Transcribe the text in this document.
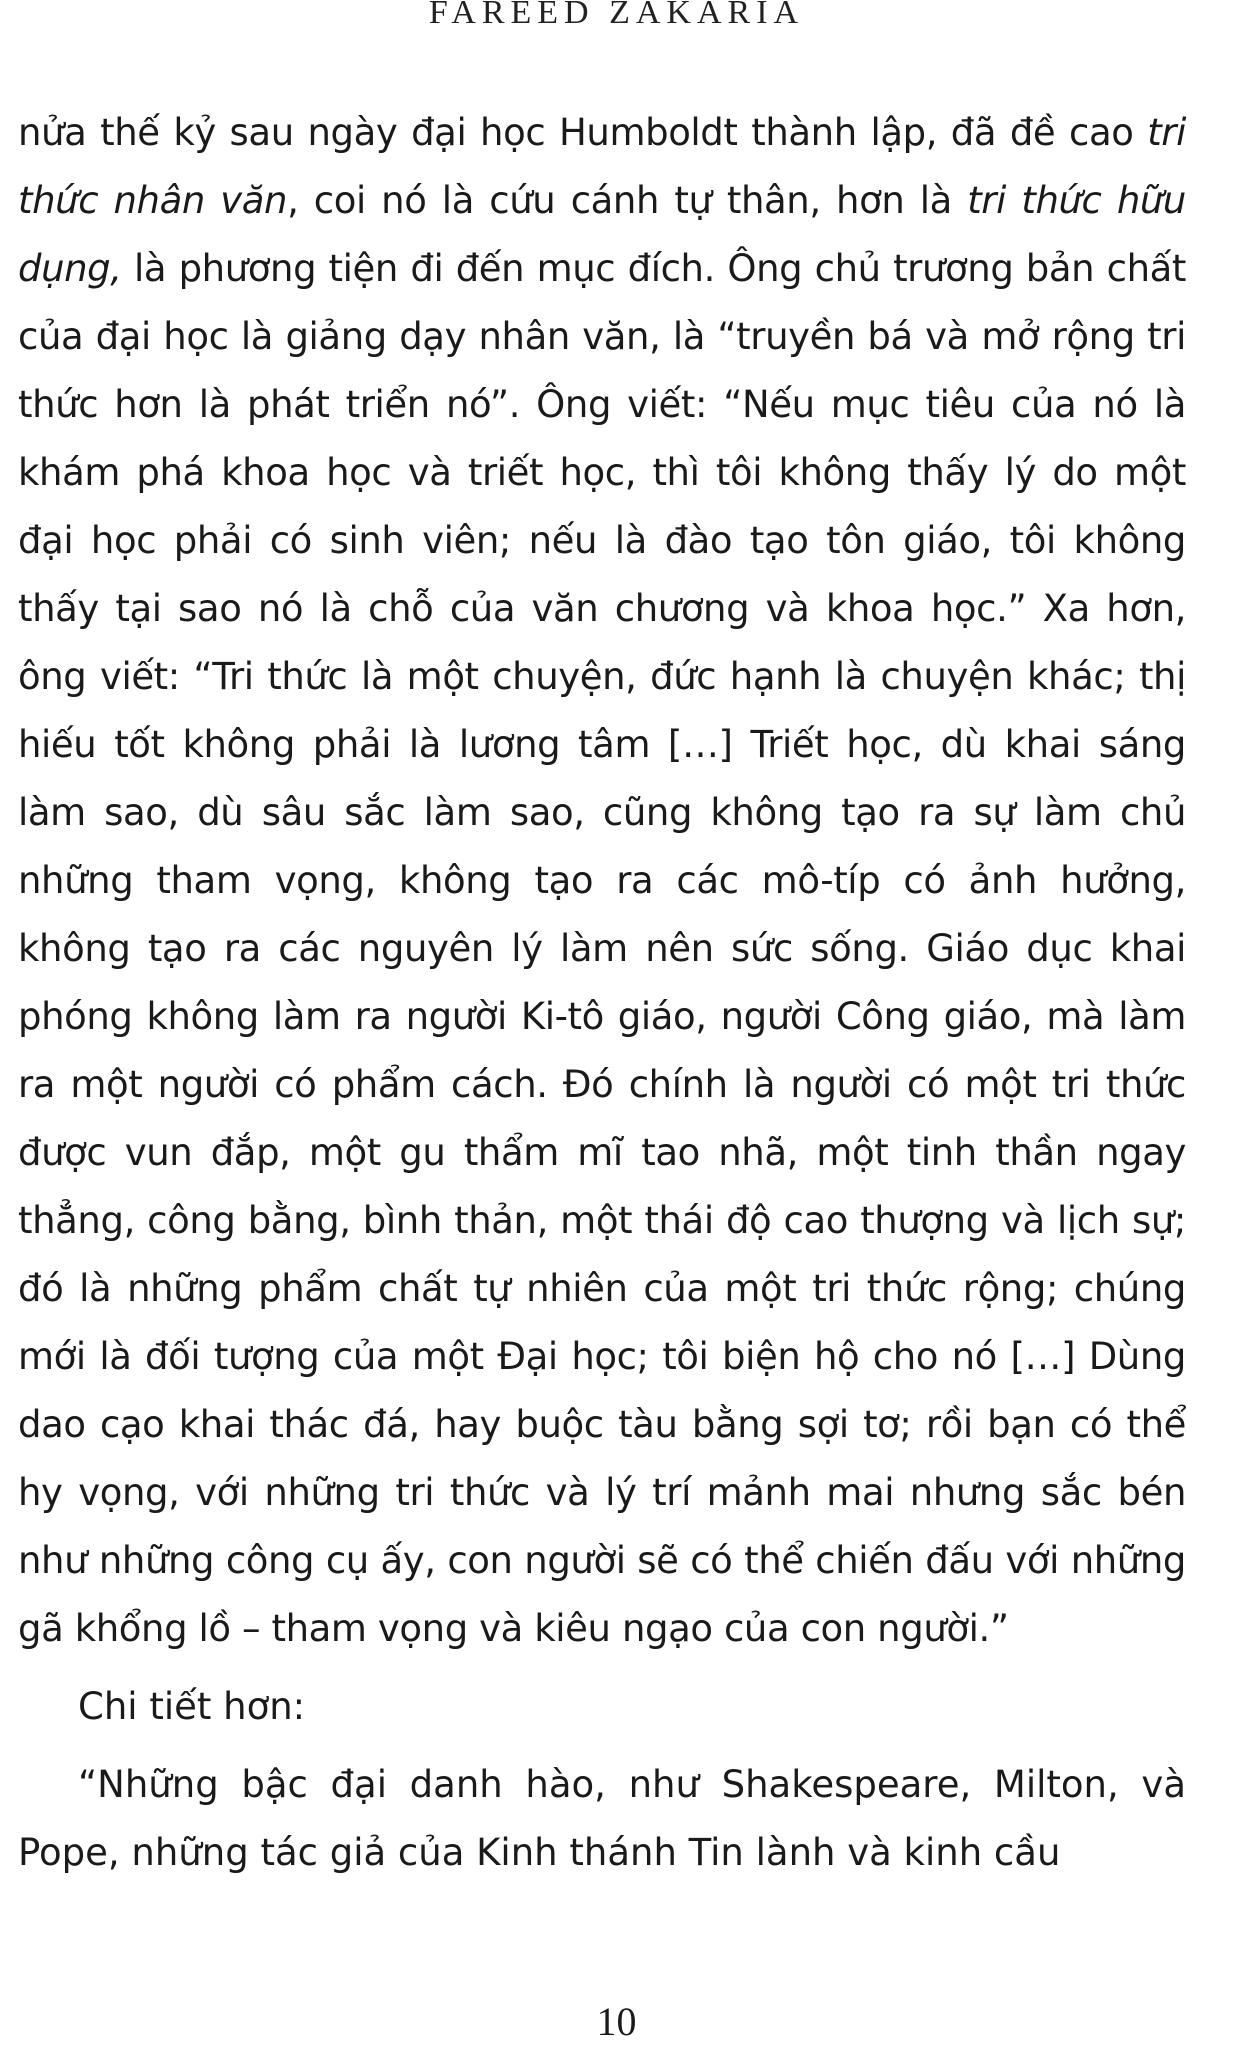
FAREED ZAKARIA

nửa thế kỷ sau ngày đại học Humboldt thành lập, đã đề cao tri thức nhân văn, coi nó là cứu cánh tự thân, hơn là tri thức hữu dụng, là phương tiện đi đến mục đích. Ông chủ trương bản chất của đại học là giảng dạy nhân văn, là “truyền bá và mở rộng tri thức hơn là phát triển nó”. Ông viết: “Nếu mục tiêu của nó là khám phá khoa học và triết học, thì tôi không thấy lý do một đại học phải có sinh viên; nếu là đào tạo tôn giáo, tôi không thấy tại sao nó là chỗ của văn chương và khoa học.” Xa hơn, ông viết: “Tri thức là một chuyện, đức hạnh là chuyện khác; thị hiếu tốt không phải là lương tâm […] Triết học, dù khai sáng làm sao, dù sâu sắc làm sao, cũng không tạo ra sự làm chủ những tham vọng, không tạo ra các mô-típ có ảnh hưởng, không tạo ra các nguyên lý làm nên sức sống. Giáo dục khai phóng không làm ra người Ki-tô giáo, người Công giáo, mà làm ra một người có phẩm cách. Đó chính là người có một tri thức được vun đắp, một gu thẩm mĩ tao nhã, một tinh thần ngay thẳng, công bằng, bình thản, một thái độ cao thượng và lịch sự; đó là những phẩm chất tự nhiên của một tri thức rộng; chúng mới là đối tượng của một Đại học; tôi biện hộ cho nó […] Dùng dao cạo khai thác đá, hay buộc tàu bằng sợi tơ; rồi bạn có thể hy vọng, với những tri thức và lý trí mảnh mai nhưng sắc bén như những công cụ ấy, con người sẽ có thể chiến đấu với những gã khổng lồ – tham vọng và kiêu ngạo của con người.”

Chi tiết hơn:

“Những bậc đại danh hào, như Shakespeare, Milton, và Pope, những tác giả của Kinh thánh Tin lành và kinh cầu

10
